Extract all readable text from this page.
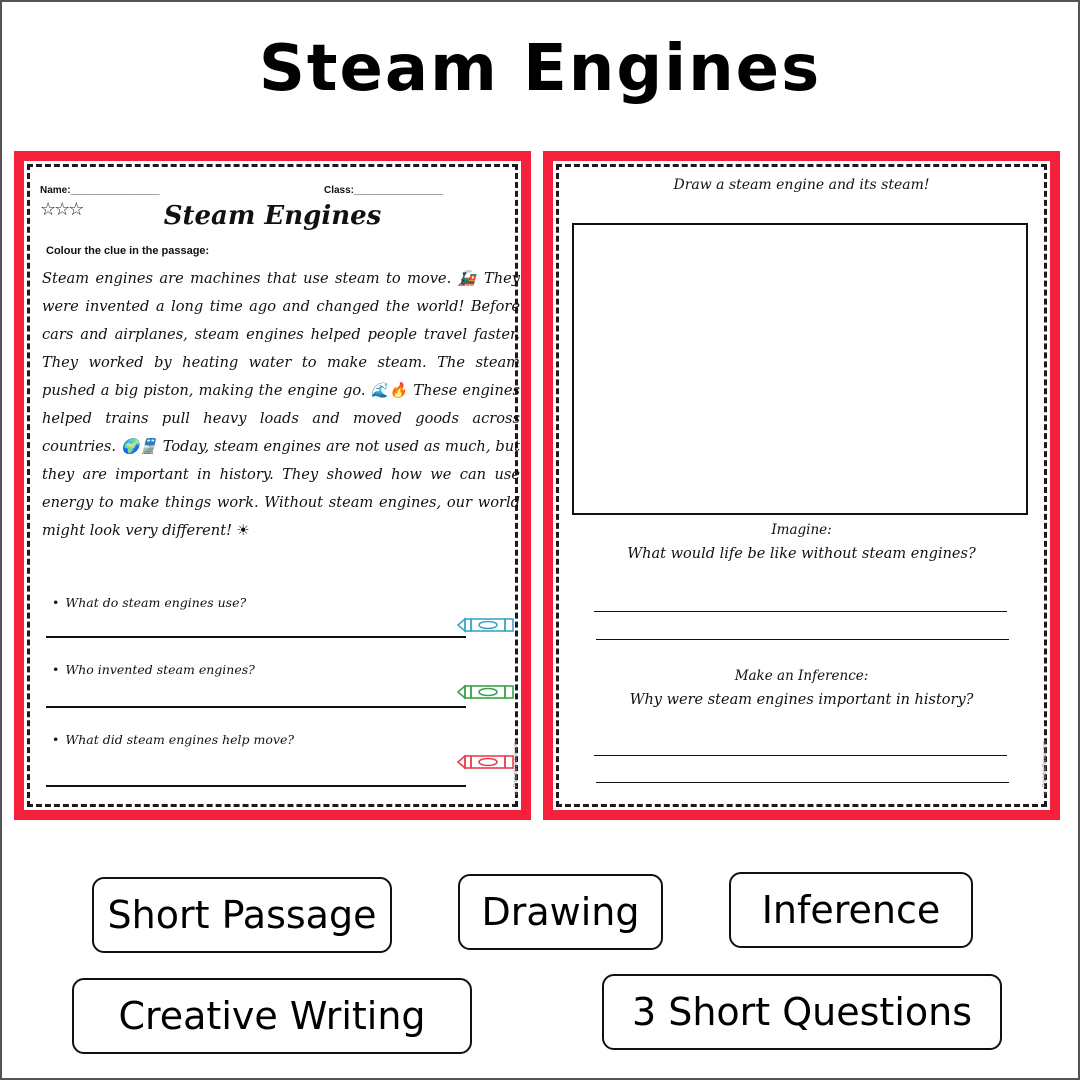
Steam Engines
Name:________________	Class:________________
☆☆☆	Steam Engines
Colour the clue in the passage:

Steam engines are machines that use steam to move. 🚂 They were invented a long time ago and changed the world! Before cars and airplanes, steam engines helped people travel faster. They worked by heating water to make steam. The steam pushed a big piston, making the engine go. 🌊🔥 These engines helped trains pull heavy loads and moved goods across countries. 🌍🚆 Today, steam engines are not used as much, but they are important in history. They showed how we can use energy to make things work. Without steam engines, our world might look very different! ☀

• What do steam engines use?
• Who invented steam engines?
• What did steam engines help move?
© PrintableBazaar.com
Draw a steam engine and its steam!
Imagine:
What would life be like without steam engines?
Make an Inference:
Why were steam engines important in history?
© PrintableBazaar.com
Short Passage	Drawing	Inference
Creative Writing	3 Short Questions
